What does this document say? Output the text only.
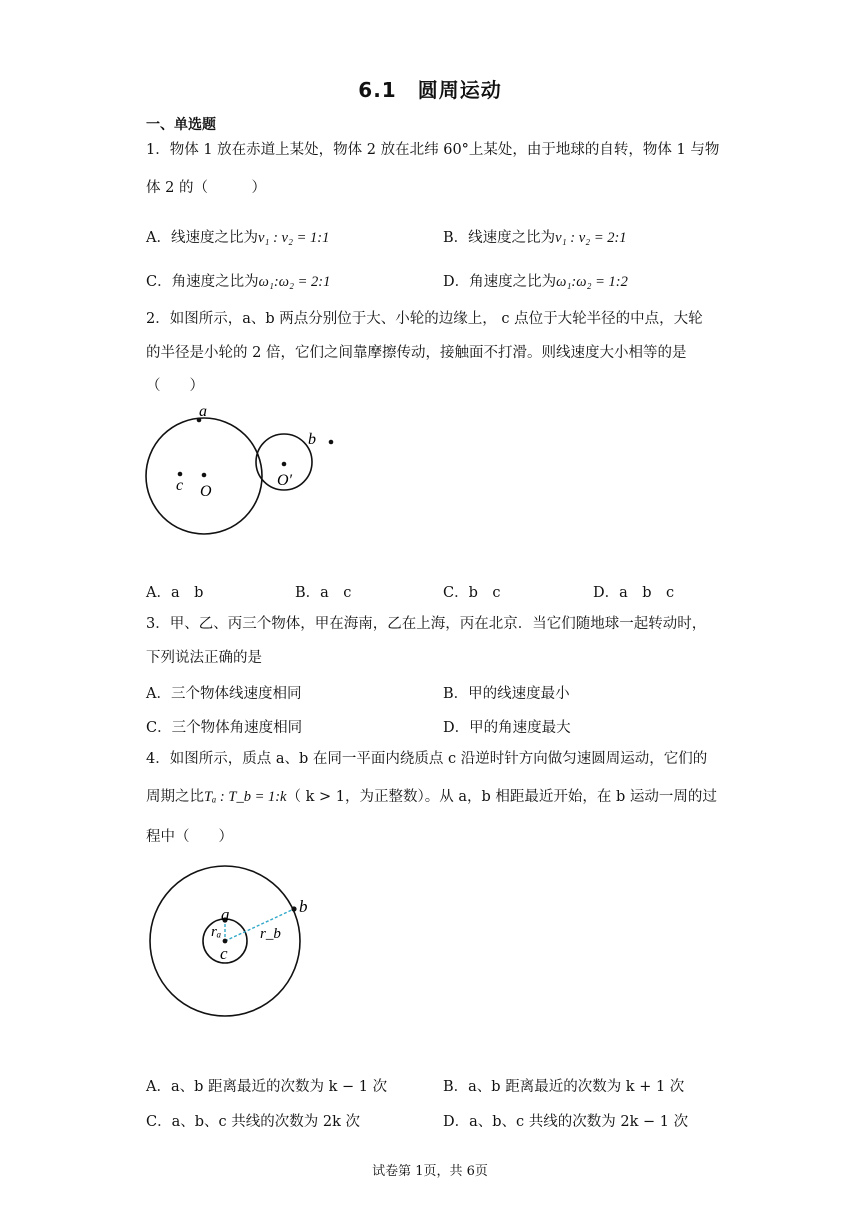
6.1　圆周运动
一、单选题
1．物体 1 放在赤道上某处，物体 2 放在北纬 60°上某处，由于地球的自转，物体 1 与物
体 2 的（　　　）
A．线速度之比为v₁ : v₂ = 1:1	B．线速度之比为v₁ : v₂ = 2:1
C．角速度之比为ω₁:ω₂ = 2:1	D．角速度之比为ω₁:ω₂ = 1:2
2．如图所示，a、b 两点分别位于大、小轮的边缘上， c 点位于大轮半径的中点，大轮
的半径是小轮的 2 倍，它们之间靠摩擦传动，接触面不打滑。则线速度大小相等的是
（　　）
a
b
c O
O′
A．a　b	B．a　c	C．b　c	D．a　b　c
3．甲、乙、丙三个物体，甲在海南，乙在上海，丙在北京．当它们随地球一起转动时，
下列说法正确的是
A．三个物体线速度相同	B．甲的线速度最小
C．三个物体角速度相同	D．甲的角速度最大
4．如图所示，质点 a、b 在同一平面内绕质点 c 沿逆时针方向做匀速圆周运动，它们的
周期之比Tₐ : T_b = 1:k（ k > 1，为正整数）。从 a，b 相距最近开始，在 b 运动一周的过
程中（　　）
a	b
c
rₐ	r_b
A．a、b 距离最近的次数为 k − 1 次	B．a、b 距离最近的次数为 k + 1 次
C．a、b、c 共线的次数为 2k 次	D．a、b、c 共线的次数为 2k − 1 次
试卷第 1页，共 6页
